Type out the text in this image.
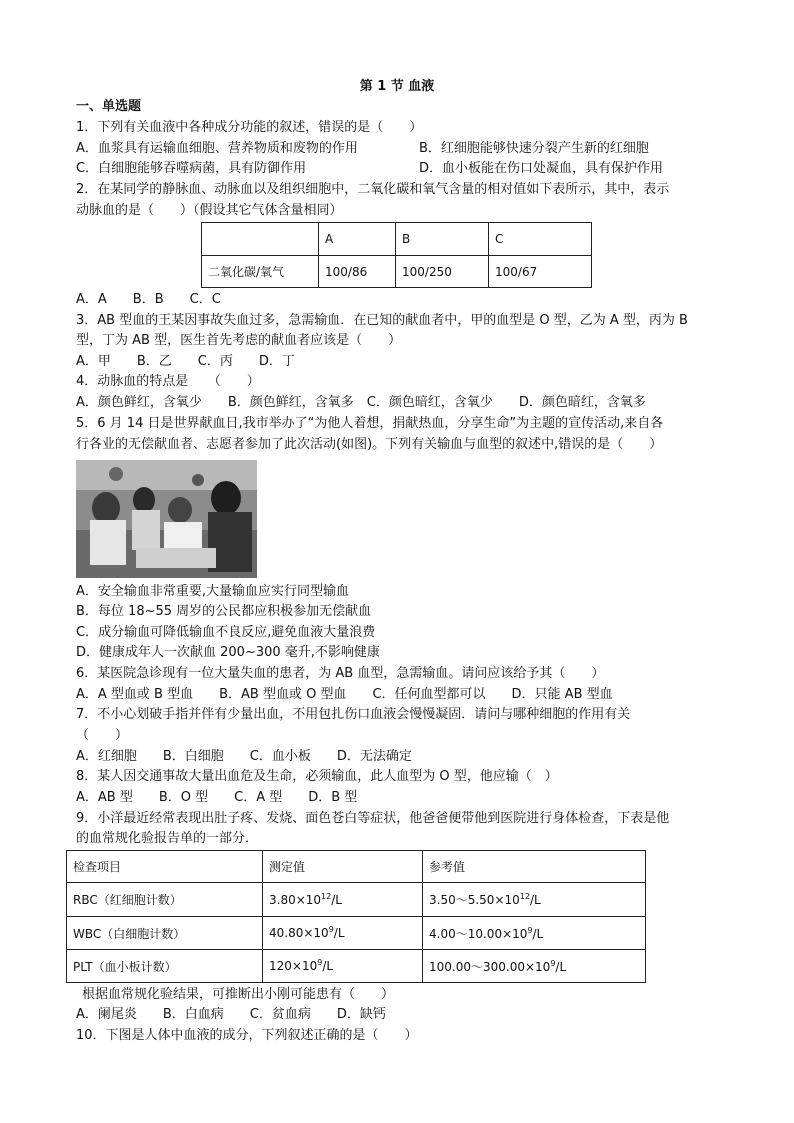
第 1 节 血液
一、单选题
1．下列有关血液中各种成分功能的叙述，错误的是（　　）
A．血浆具有运输血细胞、营养物质和废物的作用	B．红细胞能够快速分裂产生新的红细胞
C．白细胞能够吞噬病菌，具有防御作用	D．血小板能在伤口处凝血，具有保护作用
2．在某同学的静脉血、动脉血以及组织细胞中，二氧化碳和氧气含量的相对值如下表所示，其中，表示
动脉血的是（　　）（假设其它气体含量相同）
	A	B	C
二氧化碳/氧气	100/86	100/250	100/67
A．A　　B．B　　C．C
3．AB 型血的王某因事故失血过多，急需输血．在已知的献血者中，甲的血型是 O 型，乙为 A 型，丙为 B
型，丁为 AB 型，医生首先考虑的献血者应该是（　　）
A．甲　　B．乙　　C．丙　　D．丁
4．动脉血的特点是　　（　　）
A．颜色鲜红，含氧少　　B．颜色鲜红，含氧多　C．颜色暗红，含氧少　　D．颜色暗红，含氧多
5．6 月 14 日是世界献血日,我市举办了“为他人着想，捐献热血，分享生命”为主题的宣传活动,来自各
行各业的无偿献血者、志愿者参加了此次活动(如图)。下列有关输血与血型的叙述中,错误的是（　　）
A．安全输血非常重要,大量输血应实行同型输血
B．每位 18~55 周岁的公民都应积极参加无偿献血
C．成分输血可降低输血不良反应,避免血液大量浪费
D．健康成年人一次献血 200~300 毫升,不影响健康
6．某医院急诊现有一位大量失血的患者，为 AB 血型，急需输血。请问应该给予其（　　）
A．A 型血或 B 型血　　B．AB 型血或 O 型血　　C．任何血型都可以　　D．只能 AB 型血
7．不小心划破手指并伴有少量出血，不用包扎伤口血液会慢慢凝固．请问与哪种细胞的作用有关
（　　）
A．红细胞　　B．白细胞　　C．血小板　　D．无法确定
8．某人因交通事故大量出血危及生命，必须输血，此人血型为 O 型，他应输（　）
A．AB 型　　B．O 型　　C．A 型　　D．B 型
9．小洋最近经常表现出肚子疼、发烧、面色苍白等症状，他爸爸便带他到医院进行身体检查，下表是他
的血常规化验报告单的一部分．
检查项目	测定值	参考值
RBC（红细胞计数）	$3.80\times 10^{12}/L$	$3.50\sim 5.50\times 10^{12}/L$
WBC（白细胞计数）	$40.80\times 10^9/L$	$4.00\sim 10.00\times 10^9/L$
PLT（血小板计数）	$120\times 10^9/L$	$100.00\sim 300.00\times 10^9/L$
根据血常规化验结果，可推断出小刚可能患有（　　）
A．阑尾炎　　B．白血病　　C．贫血病　　D．缺钙
10．下图是人体中血液的成分，下列叙述正确的是（　　）
